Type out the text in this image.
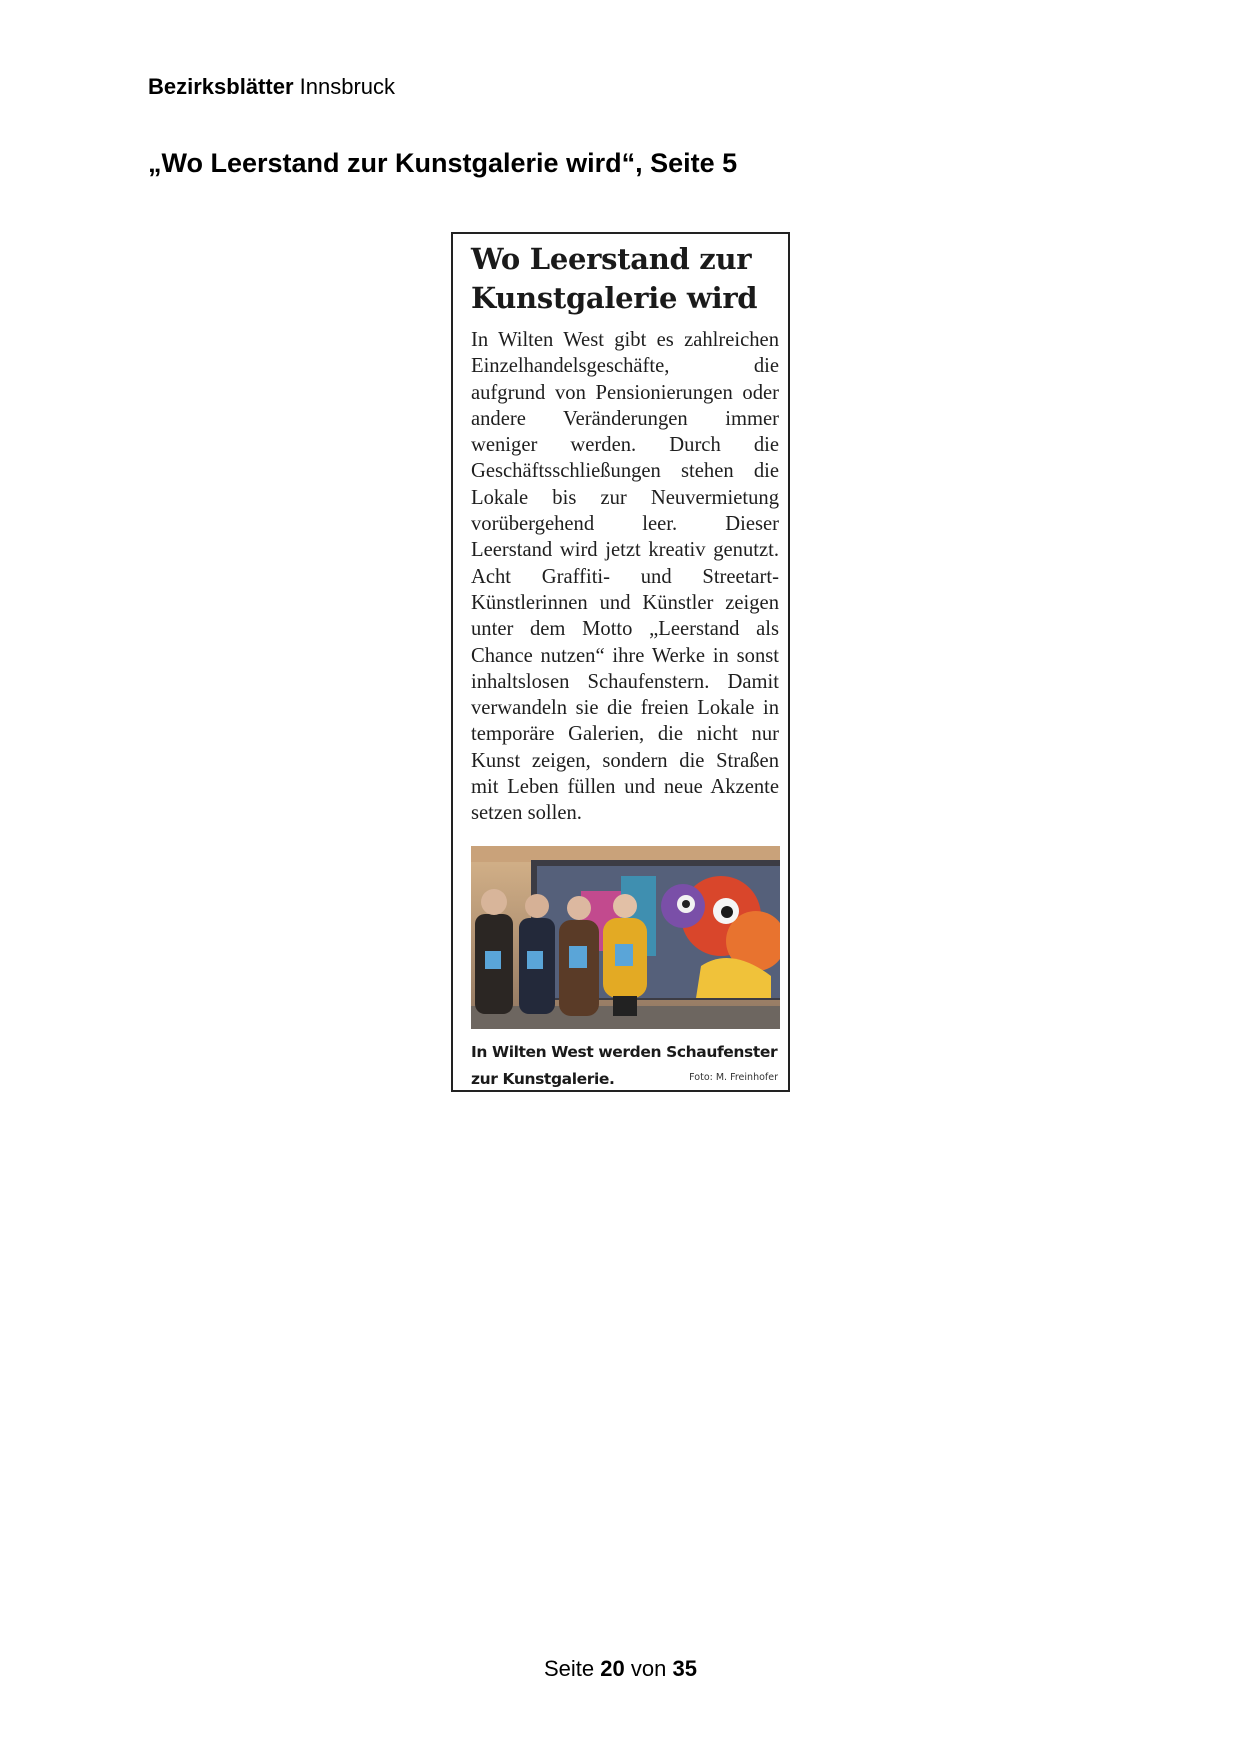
Bezirksblätter Innsbruck
„Wo Leerstand zur Kunstgalerie wird“, Seite 5
Wo Leerstand zur Kunstgalerie wird

In Wilten West gibt es zahlreichen Einzelhandelsgeschäfte, die aufgrund von Pensionierungen oder andere Veränderungen immer weniger werden. Durch die Geschäftsschließungen stehen die Lokale bis zur Neuvermietung vorübergehend leer. Dieser Leerstand wird jetzt kreativ genutzt. Acht Graffiti- und Streetart-Künstlerinnen und Künstler zeigen unter dem Motto „Leerstand als Chance nutzen“ ihre Werke in sonst inhaltslosen Schaufenstern. Damit verwandeln sie die freien Lokale in temporäre Galerien, die nicht nur Kunst zeigen, sondern die Straßen mit Leben füllen und neue Akzente setzen sollen.

In Wilten West werden Schaufenster zur Kunstgalerie.	Foto: M. Freinhofer
Seite 20 von 35
